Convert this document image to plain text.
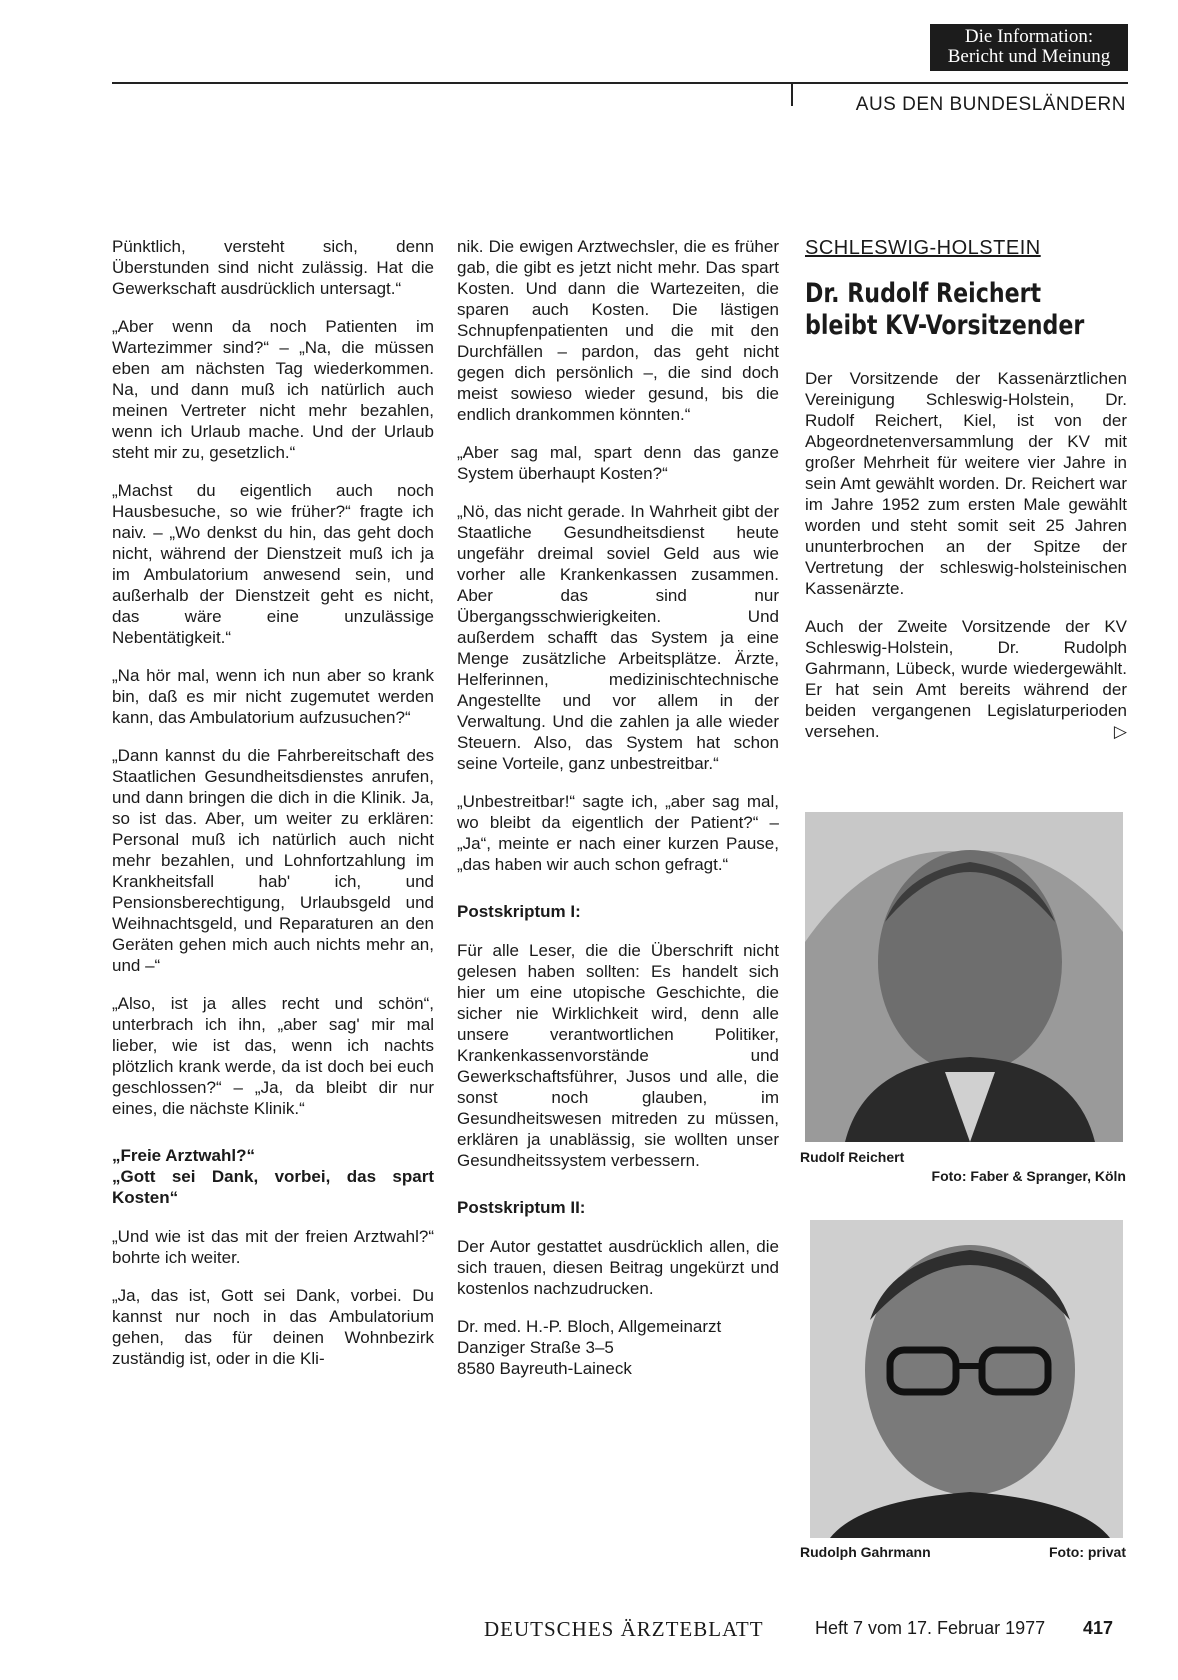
Die Information:
Bericht und Meinung
AUS DEN BUNDESLÄNDERN

Pünktlich, versteht sich, denn Überstunden sind nicht zulässig. Hat die Gewerkschaft ausdrücklich untersagt.“

„Aber wenn da noch Patienten im Wartezimmer sind?“ – „Na, die müssen eben am nächsten Tag wiederkommen. Na, und dann muß ich natürlich auch meinen Vertreter nicht mehr bezahlen, wenn ich Urlaub mache. Und der Urlaub steht mir zu, gesetzlich.“

„Machst du eigentlich auch noch Hausbesuche, so wie früher?“ fragte ich naiv. – „Wo denkst du hin, das geht doch nicht, während der Dienstzeit muß ich ja im Ambulatorium anwesend sein, und außerhalb der Dienstzeit geht es nicht, das wäre eine unzulässige Nebentätigkeit.“

„Na hör mal, wenn ich nun aber so krank bin, daß es mir nicht zugemutet werden kann, das Ambulatorium aufzusuchen?“

„Dann kannst du die Fahrbereitschaft des Staatlichen Gesundheitsdienstes anrufen, und dann bringen die dich in die Klinik. Ja, so ist das. Aber, um weiter zu erklären: Personal muß ich natürlich auch nicht mehr bezahlen, und Lohnfortzahlung im Krankheitsfall hab' ich, und Pensionsberechtigung, Urlaubsgeld und Weihnachtsgeld, und Reparaturen an den Geräten gehen mich auch nichts mehr an, und –“

„Also, ist ja alles recht und schön“, unterbrach ich ihn, „aber sag' mir mal lieber, wie ist das, wenn ich nachts plötzlich krank werde, da ist doch bei euch geschlossen?“ – „Ja, da bleibt dir nur eines, die nächste Klinik.“

„Freie Arztwahl?“
„Gott sei Dank, vorbei, das spart Kosten“

„Und wie ist das mit der freien Arztwahl?“ bohrte ich weiter.

„Ja, das ist, Gott sei Dank, vorbei. Du kannst nur noch in das Ambulatorium gehen, das für deinen Wohnbezirk zuständig ist, oder in die Kli-

nik. Die ewigen Arztwechsler, die es früher gab, die gibt es jetzt nicht mehr. Das spart Kosten. Und dann die Wartezeiten, die sparen auch Kosten. Die lästigen Schnupfenpatienten und die mit den Durchfällen – pardon, das geht nicht gegen dich persönlich –, die sind doch meist sowieso wieder gesund, bis die endlich drankommen könnten.“

„Aber sag mal, spart denn das ganze System überhaupt Kosten?“

„Nö, das nicht gerade. In Wahrheit gibt der Staatliche Gesundheitsdienst heute ungefähr dreimal soviel Geld aus wie vorher alle Krankenkassen zusammen. Aber das sind nur Übergangsschwierigkeiten. Und außerdem schafft das System ja eine Menge zusätzliche Arbeitsplätze. Ärzte, Helferinnen, medizinischtechnische Angestellte und vor allem in der Verwaltung. Und die zahlen ja alle wieder Steuern. Also, das System hat schon seine Vorteile, ganz unbestreitbar.“

„Unbestreitbar!“ sagte ich, „aber sag mal, wo bleibt da eigentlich der Patient?“ – „Ja“, meinte er nach einer kurzen Pause, „das haben wir auch schon gefragt.“

Postskriptum I:

Für alle Leser, die die Überschrift nicht gelesen haben sollten: Es handelt sich hier um eine utopische Geschichte, die sicher nie Wirklichkeit wird, denn alle unsere verantwortlichen Politiker, Krankenkassenvorstände und Gewerkschaftsführer, Jusos und alle, die sonst noch glauben, im Gesundheitswesen mitreden zu müssen, erklären ja unablässig, sie wollten unser Gesundheitssystem verbessern.

Postskriptum II:

Der Autor gestattet ausdrücklich allen, die sich trauen, diesen Beitrag ungekürzt und kostenlos nachzudrucken.

Dr. med. H.-P. Bloch, Allgemeinarzt
Danziger Straße 3–5
8580 Bayreuth-Laineck
SCHLESWIG-HOLSTEIN
Dr. Rudolf Reichert
bleibt KV-Vorsitzender

Der Vorsitzende der Kassenärztlichen Vereinigung Schleswig-Holstein, Dr. Rudolf Reichert, Kiel, ist von der Abgeordnetenversammlung der KV mit großer Mehrheit für weitere vier Jahre in sein Amt gewählt worden. Dr. Reichert war im Jahre 1952 zum ersten Male gewählt worden und steht somit seit 25 Jahren ununterbrochen an der Spitze der Vertretung der schleswig-holsteinischen Kassenärzte.

Auch der Zweite Vorsitzende der KV Schleswig-Holstein, Dr. Rudolph Gahrmann, Lübeck, wurde wiedergewählt. Er hat sein Amt bereits während der beiden vergangenen Legislaturperioden versehen.	▷

Rudolf Reichert
Foto: Faber & Spranger, Köln
Rudolph Gahrmann	Foto: privat
DEUTSCHES ÄRZTEBLATT	Heft 7 vom 17. Februar 1977 417
